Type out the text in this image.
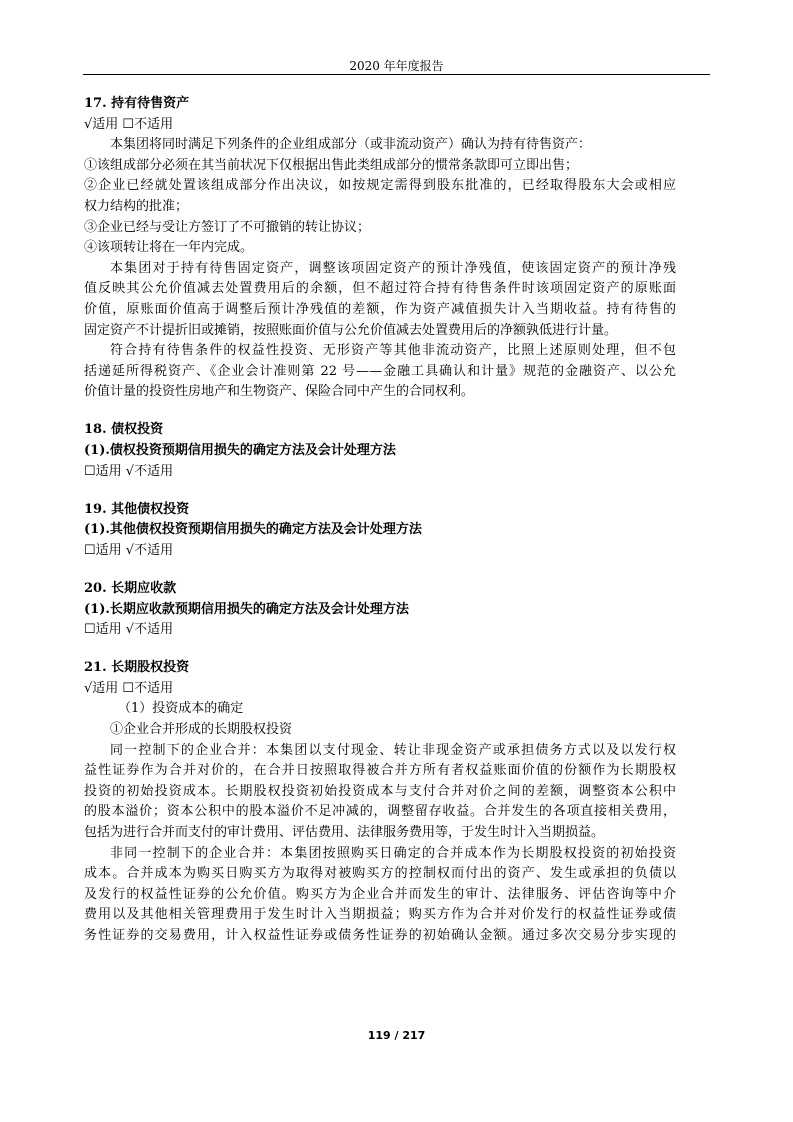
2020 年年度报告
17. 持有待售资产
√适用 ☐不适用
本集团将同时满足下列条件的企业组成部分（或非流动资产）确认为持有待售资产：
①该组成部分必须在其当前状况下仅根据出售此类组成部分的惯常条款即可立即出售；
②企业已经就处置该组成部分作出决议，如按规定需得到股东批准的，已经取得股东大会或相应
权力结构的批准；
③企业已经与受让方签订了不可撤销的转让协议；
④该项转让将在一年内完成。
本集团对于持有待售固定资产，调整该项固定资产的预计净残值，使该固定资产的预计净残
值反映其公允价值减去处置费用后的余额，但不超过符合持有待售条件时该项固定资产的原账面
价值，原账面价值高于调整后预计净残值的差额，作为资产减值损失计入当期收益。持有待售的
固定资产不计提折旧或摊销，按照账面价值与公允价值减去处置费用后的净额孰低进行计量。
符合持有待售条件的权益性投资、无形资产等其他非流动资产，比照上述原则处理，但不包
括递延所得税资产、《企业会计准则第 22 号——金融工具确认和计量》规范的金融资产、以公允
价值计量的投资性房地产和生物资产、保险合同中产生的合同权利。
18. 债权投资
(1).债权投资预期信用损失的确定方法及会计处理方法
☐适用 √不适用
19. 其他债权投资
(1).其他债权投资预期信用损失的确定方法及会计处理方法
☐适用 √不适用
20. 长期应收款
(1).长期应收款预期信用损失的确定方法及会计处理方法
☐适用 √不适用
21. 长期股权投资
√适用 ☐不适用
（1）投资成本的确定
①企业合并形成的长期股权投资
同一控制下的企业合并：本集团以支付现金、转让非现金资产或承担债务方式以及以发行权
益性证券作为合并对价的，在合并日按照取得被合并方所有者权益账面价值的份额作为长期股权
投资的初始投资成本。长期股权投资初始投资成本与支付合并对价之间的差额，调整资本公积中
的股本溢价；资本公积中的股本溢价不足冲减的，调整留存收益。合并发生的各项直接相关费用，
包括为进行合并而支付的审计费用、评估费用、法律服务费用等，于发生时计入当期损益。
非同一控制下的企业合并：本集团按照购买日确定的合并成本作为长期股权投资的初始投资
成本。合并成本为购买日购买方为取得对被购买方的控制权而付出的资产、发生或承担的负债以
及发行的权益性证券的公允价值。购买方为企业合并而发生的审计、法律服务、评估咨询等中介
费用以及其他相关管理费用于发生时计入当期损益；购买方作为合并对价发行的权益性证券或债
务性证券的交易费用，计入权益性证券或债务性证券的初始确认金额。通过多次交易分步实现的
119 / 217
